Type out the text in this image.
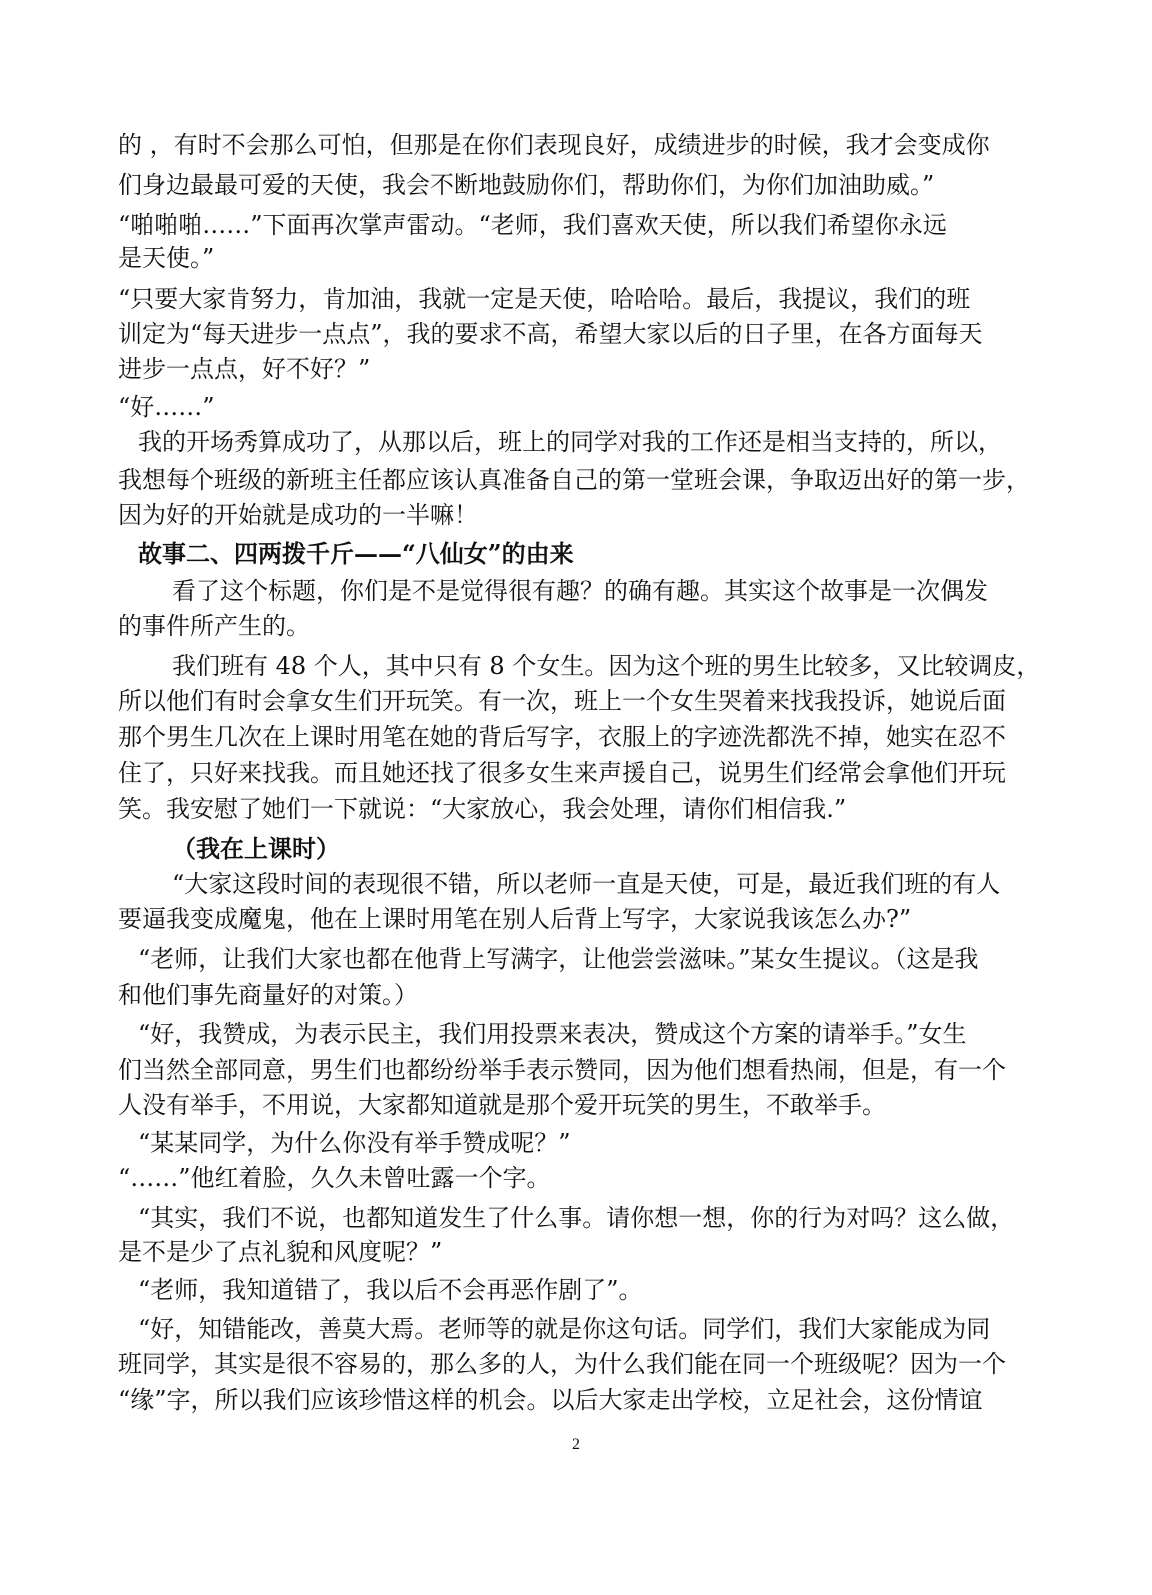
的 ，有时不会那么可怕，但那是在你们表现良好，成绩进步的时候，我才会变成你
们身边最最可爱的天使，我会不断地鼓励你们，帮助你们，为你们加油助威。”
“啪啪啪……”下面再次掌声雷动。“老师，我们喜欢天使，所以我们希望你永远
是天使。”
“只要大家肯努力，肯加油，我就一定是天使，哈哈哈。最后，我提议，我们的班
训定为“每天进步一点点”，我的要求不高，希望大家以后的日子里，在各方面每天
进步一点点，好不好？”
“好……”
我的开场秀算成功了，从那以后，班上的同学对我的工作还是相当支持的，所以，
我想每个班级的新班主任都应该认真准备自己的第一堂班会课，争取迈出好的第一步，
因为好的开始就是成功的一半嘛！
故事二、四两拨千斤——“八仙女”的由来
看了这个标题，你们是不是觉得很有趣？的确有趣。其实这个故事是一次偶发
的事件所产生的。
我们班有 48 个人，其中只有 8 个女生。因为这个班的男生比较多，又比较调皮，
所以他们有时会拿女生们开玩笑。有一次，班上一个女生哭着来找我投诉，她说后面
那个男生几次在上课时用笔在她的背后写字，衣服上的字迹洗都洗不掉，她实在忍不
住了，只好来找我。而且她还找了很多女生来声援自己，说男生们经常会拿他们开玩
笑。我安慰了她们一下就说：“大家放心，我会处理，请你们相信我.”
（我在上课时）
“大家这段时间的表现很不错，所以老师一直是天使，可是，最近我们班的有人
要逼我变成魔鬼，他在上课时用笔在别人后背上写字，大家说我该怎么办?”
“老师，让我们大家也都在他背上写满字，让他尝尝滋味。”某女生提议。（这是我
和他们事先商量好的对策。）
“好，我赞成，为表示民主，我们用投票来表决，赞成这个方案的请举手。”女生
们当然全部同意，男生们也都纷纷举手表示赞同，因为他们想看热闹，但是，有一个
人没有举手，不用说，大家都知道就是那个爱开玩笑的男生，不敢举手。
“某某同学，为什么你没有举手赞成呢？”
“……”他红着脸，久久未曾吐露一个字。
“其实，我们不说，也都知道发生了什么事。请你想一想，你的行为对吗？这么做，
是不是少了点礼貌和风度呢？”
“老师，我知道错了，我以后不会再恶作剧了”。
“好，知错能改，善莫大焉。老师等的就是你这句话。同学们，我们大家能成为同
班同学，其实是很不容易的，那么多的人，为什么我们能在同一个班级呢？因为一个
“缘”字，所以我们应该珍惜这样的机会。以后大家走出学校，立足社会，这份情谊
2
